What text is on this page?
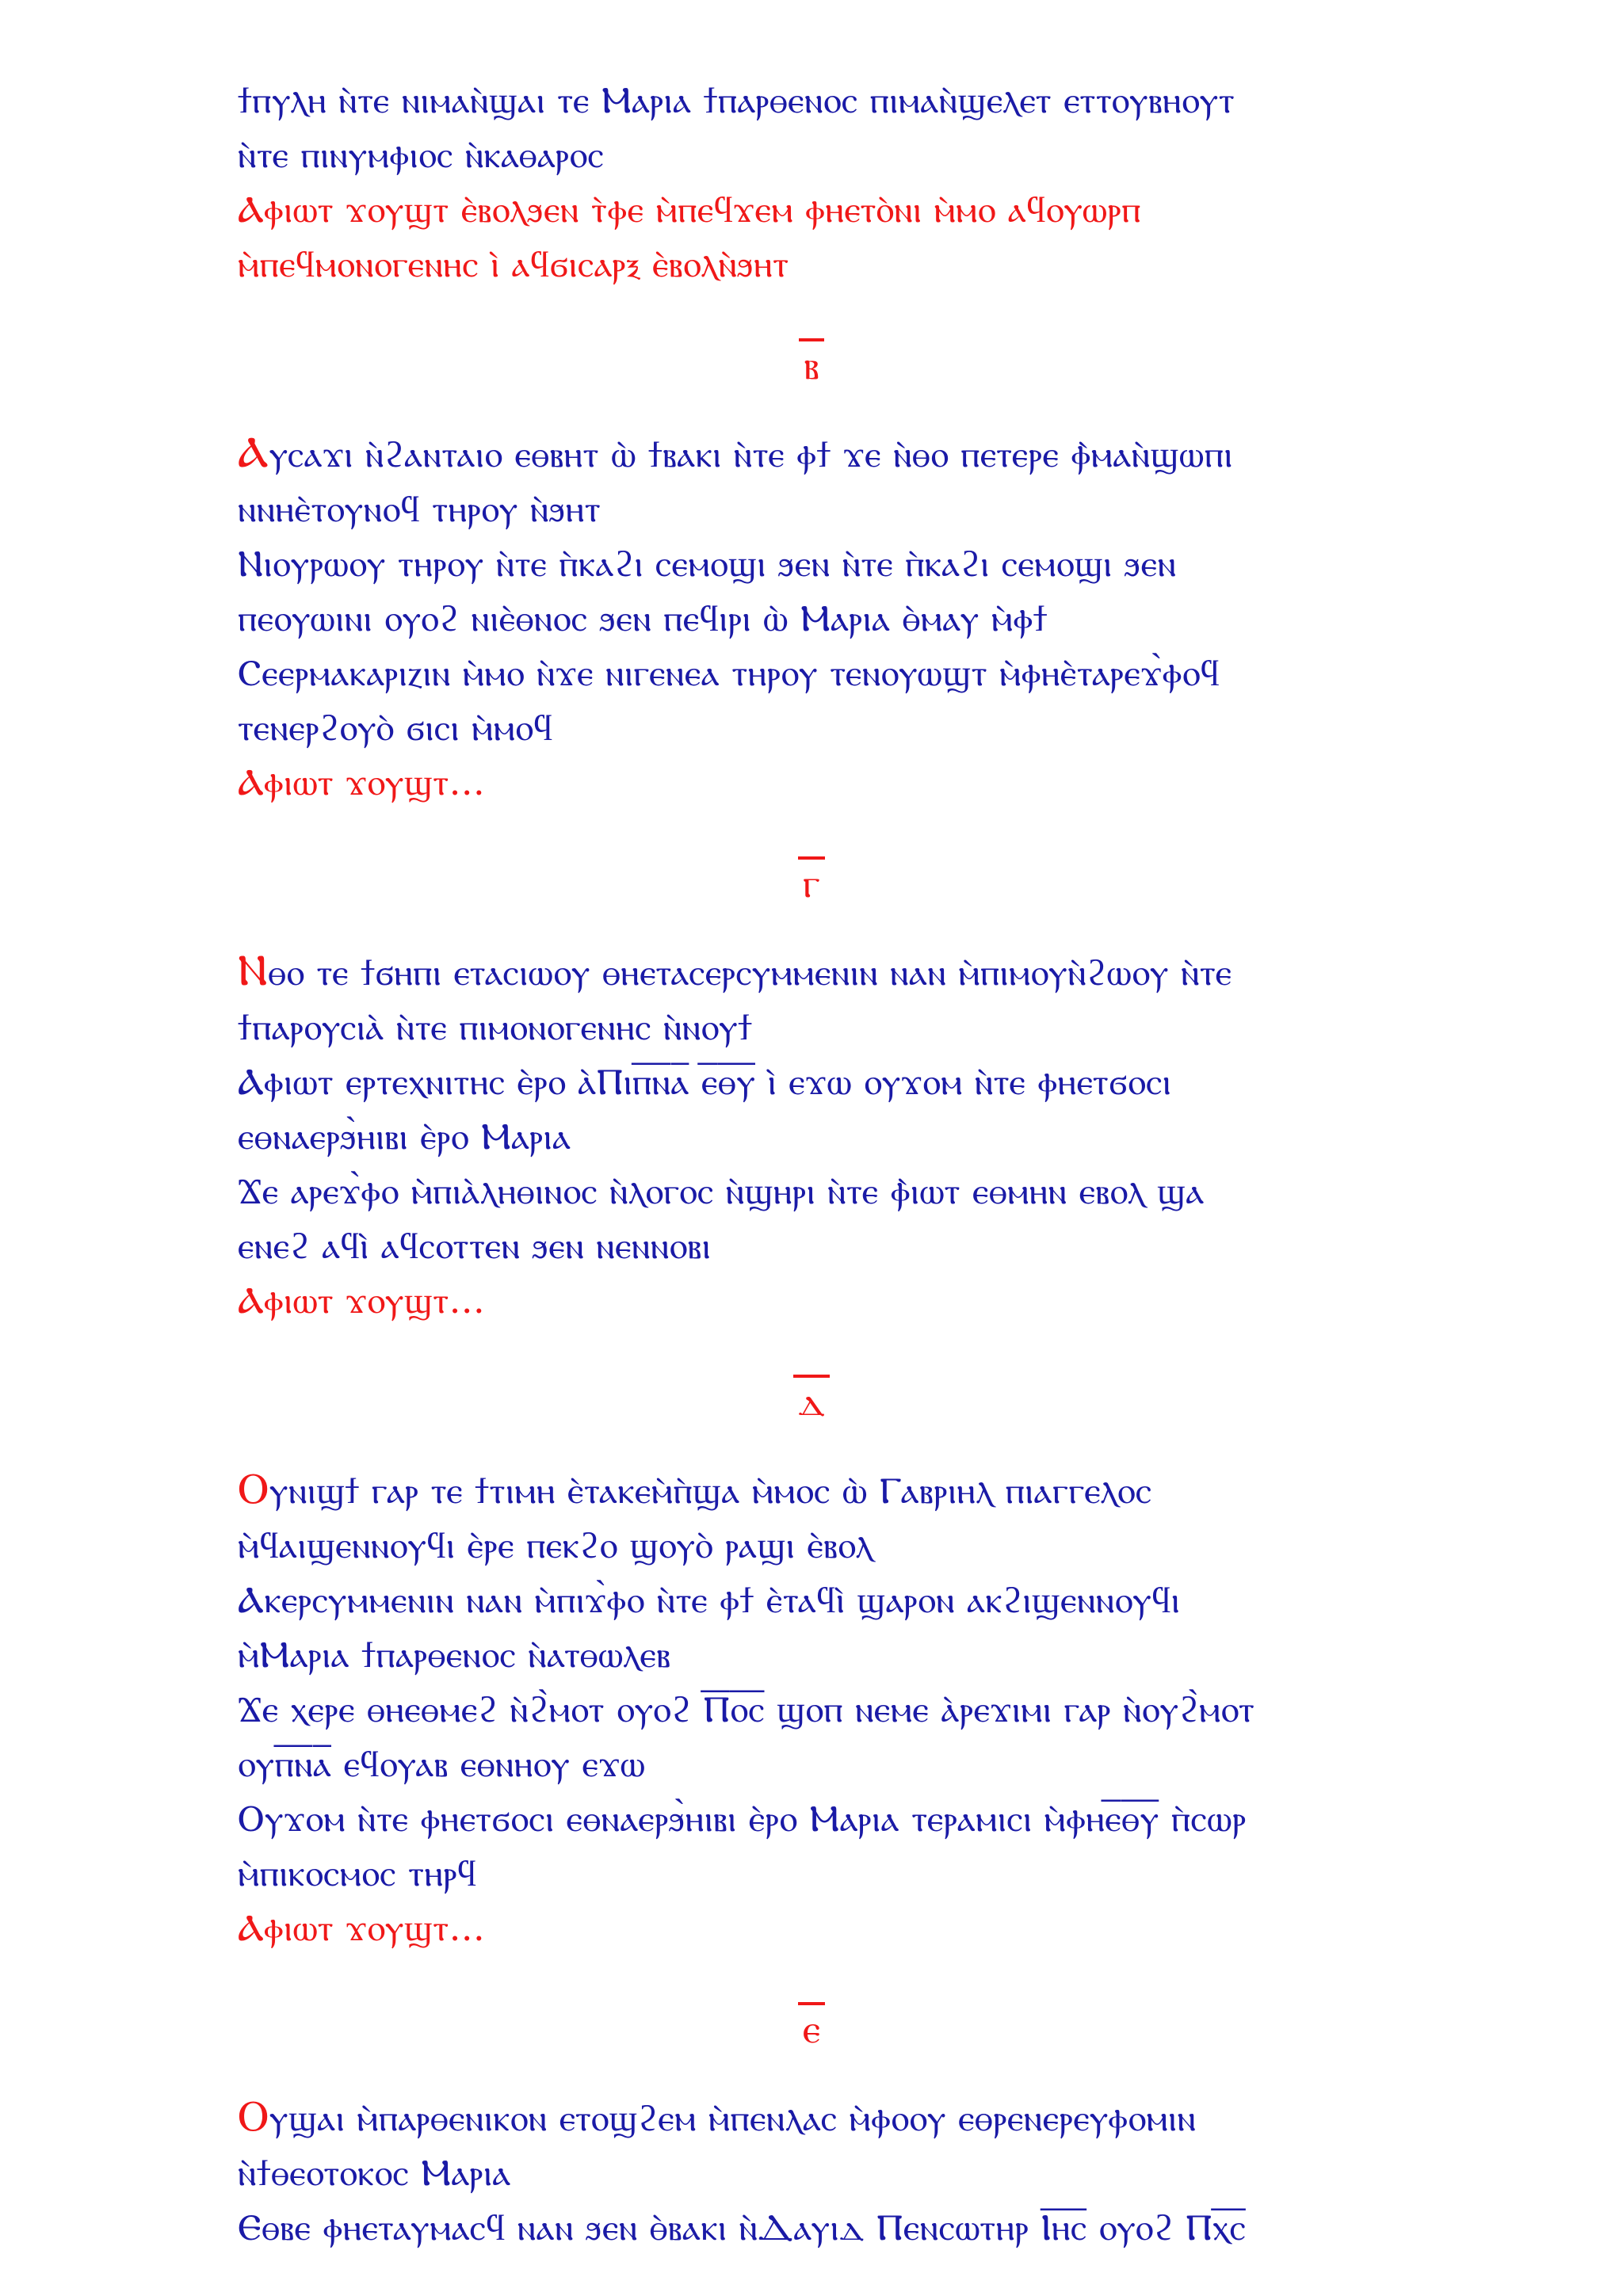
ϯⲡⲩⲗⲏ ⲛ̀ⲧⲉ ⲛⲓⲙⲁⲛ̀ϣⲁⲓ ⲧⲉ Ⲙⲁⲣⲓⲁ ϯⲡⲁⲣⲑⲉⲛⲟⲥ ⲡⲓⲙⲁⲛ̀ϣⲉⲗⲉⲧ ⲉⲧⲧⲟⲩⲃⲏⲟⲩⲧ
ⲛ̀ⲧⲉ ⲡⲓⲛⲩⲙⲫⲓⲟⲥ ⲛ̀ⲕⲁⲑⲁⲣⲟⲥ
Ⲁⲫⲓⲱⲧ ϫⲟⲩϣⲧ ⲉ̀ⲃⲟⲗϧⲉⲛ ⲧ̀ⲫⲉ ⲙ̀ⲡⲉϥϫⲉⲙ ⲫⲏⲉⲧⲟ̀ⲛⲓ ⲙ̀ⲙⲟ ⲁϥⲟⲩⲱⲣⲡ
ⲙ̀ⲡⲉϥⲙⲟⲛⲟⲅⲉⲛⲏⲥ ⲓ̀ ⲁϥϭⲓⲥⲁⲣⲝ ⲉ̀ⲃⲟⲗⲛ̀ϧⲏⲧ
ⲃ
Ⲁⲩⲥⲁϫⲓ ⲛ̀ϩⲁⲛⲧⲁⲓⲟ ⲉⲑⲃⲏⲧ ⲱ̀ ϯⲃⲁⲕⲓ ⲛ̀ⲧⲉ ⲫϯ ϫⲉ ⲛ̀ⲑⲟ ⲡⲉⲧⲉⲣⲉ ⲫ̀ⲙⲁⲛ̀ϣⲱⲡⲓ
ⲛⲛⲏⲉ̀ⲧⲟⲩⲛⲟϥ ⲧⲏⲣⲟⲩ ⲛ̀ϧⲏⲧ
Ⲛⲓⲟⲩⲣⲱⲟⲩ ⲧⲏⲣⲟⲩ ⲛ̀ⲧⲉ ⲡ̀ⲕⲁϩⲓ ⲥⲉⲙⲟϣⲓ ϧⲉⲛ ⲛ̀ⲧⲉ ⲡ̀ⲕⲁϩⲓ ⲥⲉⲙⲟϣⲓ ϧⲉⲛ
ⲡⲉⲟⲩⲱⲓⲛⲓ ⲟⲩⲟϩ ⲛⲓⲉ̀ⲑⲛⲟⲥ ϧⲉⲛ ⲡⲉϥⲓⲣⲓ ⲱ̀ Ⲙⲁⲣⲓⲁ ⲑ̀ⲙⲁⲩ ⲙ̀ⲫϯ
Ⲥⲉⲉⲣⲙⲁⲕⲁⲣⲓⲍⲓⲛ ⲙ̀ⲙⲟ ⲛ̀ϫⲉ ⲛⲓⲅⲉⲛⲉⲁ ⲧⲏⲣⲟⲩ ⲧⲉⲛⲟⲩⲱϣⲧ ⲙ̀ⲫⲏⲉ̀ⲧⲁⲣⲉϫ̀ⲫⲟϥ
ⲧⲉⲛⲉⲣϩⲟⲩⲟ̀ ϭⲓⲥⲓ ⲙ̀ⲙⲟϥ
Ⲁⲫⲓⲱⲧ ϫⲟⲩϣⲧ...
ⲅ
Ⲛⲑⲟ ⲧⲉ ϯϭⲏⲡⲓ ⲉⲧⲁⲥⲓⲱⲟⲩ ⲑⲏⲉⲧⲁⲥⲉⲣⲥⲩⲙⲙⲉⲛⲓⲛ ⲛⲁⲛ ⲙ̀ⲡⲓⲙⲟⲩⲛ̀ϩⲱⲟⲩ ⲛ̀ⲧⲉ
ϯⲡⲁⲣⲟⲩⲥⲓⲁ̀ ⲛ̀ⲧⲉ ⲡⲓⲙⲟⲛⲟⲅⲉⲛⲏⲥ ⲛ̀ⲛⲟⲩϯ
Ⲁⲫⲓⲱⲧ ⲉⲣⲧⲉⲭⲛⲓⲧⲏⲥ ⲉ̀ⲣⲟ ⲁ̀Ⲡⲓⲡ︦ⲛ︦ⲁ︦ ⲉ︦ⲑ︦ⲩ︦ ⲓ̀ ⲉϫⲱ ⲟⲩϫⲟⲙ ⲛ̀ⲧⲉ ⲫⲏⲉⲧϭⲟⲥⲓ
ⲉⲑⲛⲁⲉⲣϧ̀ⲏⲓⲃⲓ ⲉ̀ⲣⲟ Ⲙⲁⲣⲓⲁ
Ϫⲉ ⲁⲣⲉϫ̀ⲫⲟ ⲙ̀ⲡⲓⲁ̀ⲗⲏⲑⲓⲛⲟⲥ ⲛ̀ⲗⲟⲅⲟⲥ ⲛ̀ϣⲏⲣⲓ ⲛ̀ⲧⲉ ⲫ̀ⲓⲱⲧ ⲉⲑⲙⲏⲛ ⲉⲃⲟⲗ ϣⲁ
ⲉⲛⲉϩ ⲁϥⲓ̀ ⲁϥⲥⲟⲧⲧⲉⲛ ϧⲉⲛ ⲛⲉⲛⲛⲟⲃⲓ
Ⲁⲫⲓⲱⲧ ϫⲟⲩϣⲧ...
ⲇ
Ⲟⲩⲛⲓϣϯ ⲅⲁⲣ ⲧⲉ ϯⲧⲓⲙⲏ ⲉ̀ⲧⲁⲕⲉⲙ̀ⲡ̀ϣⲁ ⲙ̀ⲙⲟⲥ ⲱ̀ Ⲅⲁⲃⲣⲓⲏⲗ ⲡⲓⲁⲅⲅⲉⲗⲟⲥ
ⲙ̀ϥⲁⲓϣⲉⲛⲛⲟⲩϥⲓ ⲉ̀ⲣⲉ ⲡⲉⲕϩⲟ ϣⲟⲩⲟ̀ ⲣⲁϣⲓ ⲉ̀ⲃⲟⲗ
Ⲁⲕⲉⲣⲥⲩⲙⲙⲉⲛⲓⲛ ⲛⲁⲛ ⲙ̀ⲡⲓϫ̀ⲫⲟ ⲛ̀ⲧⲉ ⲫϯ ⲉ̀ⲧⲁϥⲓ̀ ϣⲁⲣⲟⲛ ⲁⲕϩⲓϣⲉⲛⲛⲟⲩϥⲓ
ⲙ̀Ⲙⲁⲣⲓⲁ ϯⲡⲁⲣⲑⲉⲛⲟⲥ ⲛ̀ⲁⲧⲑⲱⲗⲉⲃ
Ϫⲉ ⲭⲉⲣⲉ ⲑⲏⲉⲑⲙⲉϩ ⲛ̀ϩ̀ⲙⲟⲧ ⲟⲩⲟϩ Ⲡ︦ⲟ︦ⲥ︦ ϣⲟⲡ ⲛⲉⲙⲉ ⲁ̀ⲣⲉϫⲓⲙⲓ ⲅⲁⲣ ⲛ̀ⲟⲩϩ̀ⲙⲟⲧ
ⲟⲩⲡ︦ⲛ︦ⲁ︦ ⲉϥⲟⲩⲁⲃ ⲉⲑⲛⲏⲟⲩ ⲉϫⲱ
Ⲟⲩϫⲟⲙ ⲛ̀ⲧⲉ ⲫⲏⲉⲧϭⲟⲥⲓ ⲉⲑⲛⲁⲉⲣϧ̀ⲏⲓⲃⲓ ⲉ̀ⲣⲟ Ⲙⲁⲣⲓⲁ ⲧⲉⲣⲁⲙⲓⲥⲓ ⲙ̀ⲫⲏⲉ︦ⲑ︦ⲩ︦ ⲡ̀ⲥⲱⲣ
ⲙ̀ⲡⲓⲕⲟⲥⲙⲟⲥ ⲧⲏⲣϥ
Ⲁⲫⲓⲱⲧ ϫⲟⲩϣⲧ...
ⲉ
Ⲟⲩϣⲁⲓ ⲙ̀ⲡⲁⲣⲑⲉⲛⲓⲕⲟⲛ ⲉⲧⲟϣϩⲉⲙ ⲙ̀ⲡⲉⲛⲗⲁⲥ ⲙ̀ⲫⲟⲟⲩ ⲉⲑⲣⲉⲛⲉⲣⲉⲩⲫⲟⲙⲓⲛ
ⲛ̀ϯⲑⲉⲟⲧⲟⲕⲟⲥ Ⲙⲁⲣⲓⲁ
Ⲉⲑⲃⲉ ⲫⲏⲉⲧⲁⲩⲙⲁⲥϥ ⲛⲁⲛ ϧⲉⲛ ⲑ̀ⲃⲁⲕⲓ ⲛ̀Ⲇⲁⲩⲓⲇ Ⲡⲉⲛⲥⲱⲧⲏⲣ Ⲓ︦ⲏ︦ⲥ︦ ⲟⲩⲟϩ Ⲡⲭ︦ⲥ︦
